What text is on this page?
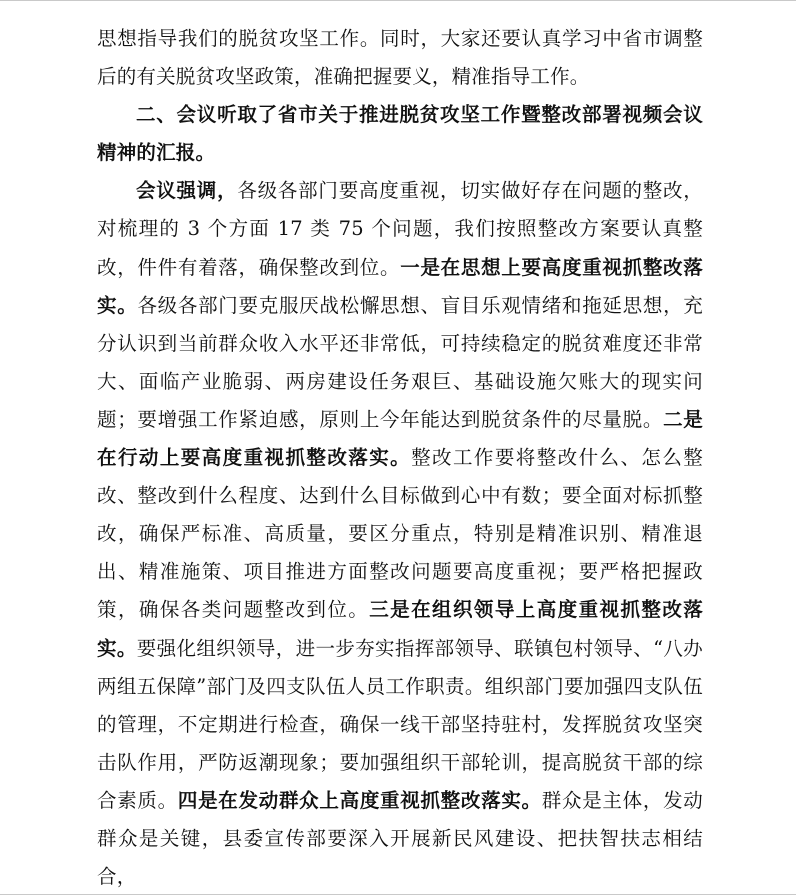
思想指导我们的脱贫攻坚工作。同时，大家还要认真学习中省市调整后的有关脱贫攻坚政策，准确把握要义，精准指导工作。

二、会议听取了省市关于推进脱贫攻坚工作暨整改部署视频会议精神的汇报。

会议强调，各级各部门要高度重视，切实做好存在问题的整改，对梳理的 3 个方面 17 类 75 个问题，我们按照整改方案要认真整改，件件有着落，确保整改到位。一是在思想上要高度重视抓整改落实。各级各部门要克服厌战松懈思想、盲目乐观情绪和拖延思想，充分认识到当前群众收入水平还非常低，可持续稳定的脱贫难度还非常大、面临产业脆弱、两房建设任务艰巨、基础设施欠账大的现实问题；要增强工作紧迫感，原则上今年能达到脱贫条件的尽量脱。二是在行动上要高度重视抓整改落实。整改工作要将整改什么、怎么整改、整改到什么程度、达到什么目标做到心中有数；要全面对标抓整改，确保严标准、高质量，要区分重点，特别是精准识别、精准退出、精准施策、项目推进方面整改问题要高度重视；要严格把握政策，确保各类问题整改到位。三是在组织领导上高度重视抓整改落实。要强化组织领导，进一步夯实指挥部领导、联镇包村领导、“八办两组五保障”部门及四支队伍人员工作职责。组织部门要加强四支队伍的管理，不定期进行检查，确保一线干部坚持驻村，发挥脱贫攻坚突击队作用，严防返潮现象；要加强组织干部轮训，提高脱贫干部的综合素质。四是在发动群众上高度重视抓整改落实。群众是主体，发动群众是关键，县委宣传部要深入开展新民风建设、把扶智扶志相结合，
